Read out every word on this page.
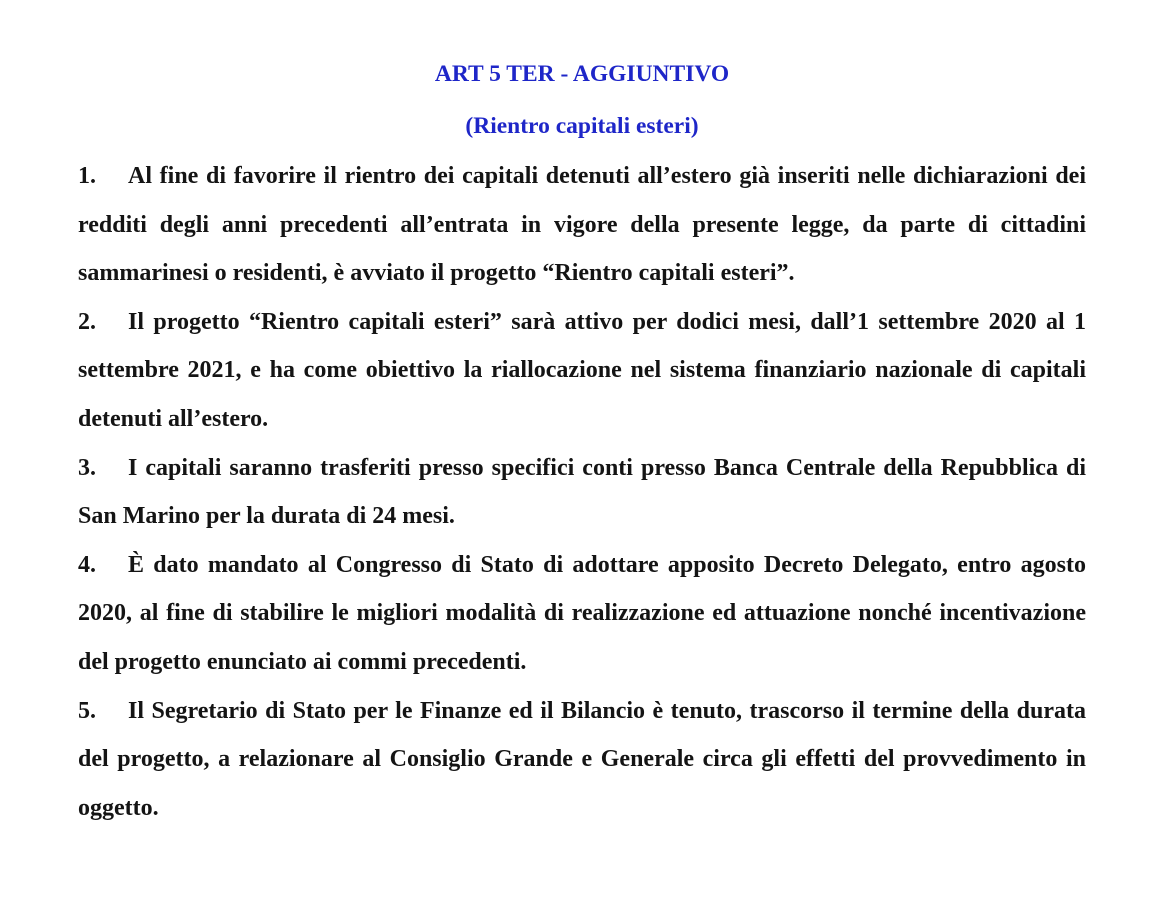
ART 5 TER - AGGIUNTIVO
(Rientro capitali esteri)

1. Al fine di favorire il rientro dei capitali detenuti all’estero già inseriti nelle dichiarazioni dei redditi degli anni precedenti all’entrata in vigore della presente legge, da parte di cittadini sammarinesi o residenti, è avviato il progetto “Rientro capitali esteri”.

2. Il progetto “Rientro capitali esteri” sarà attivo per dodici mesi, dall’1 settembre 2020 al 1 settembre 2021, e ha come obiettivo la riallocazione nel sistema finanziario nazionale di capitali detenuti all’estero.

3. I capitali saranno trasferiti presso specifici conti presso Banca Centrale della Repubblica di San Marino per la durata di 24 mesi.

4. È dato mandato al Congresso di Stato di adottare apposito Decreto Delegato, entro agosto 2020, al fine di stabilire le migliori modalità di realizzazione ed attuazione nonché incentivazione del progetto enunciato ai commi precedenti.

5. Il Segretario di Stato per le Finanze ed il Bilancio è tenuto, trascorso il termine della durata del progetto, a relazionare al Consiglio Grande e Generale circa gli effetti del provvedimento in oggetto.
